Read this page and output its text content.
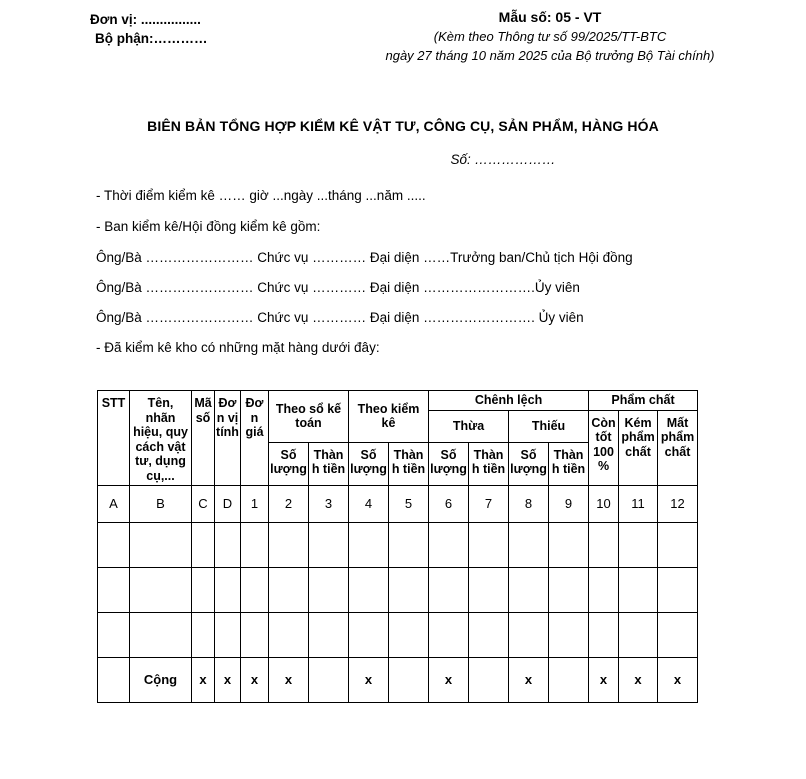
Đơn vị: ................
Bộ phận:…………
Mẫu số: 05 - VT
(Kèm theo Thông tư số 99/2025/TT-BTC
ngày 27 tháng 10 năm 2025 của Bộ trưởng Bộ Tài chính)
BIÊN BẢN TỔNG HỢP KIỂM KÊ VẬT TƯ, CÔNG CỤ, SẢN PHẨM, HÀNG HÓA
Số: ………………
- Thời điểm kiểm kê …… giờ ...ngày ...tháng ...năm .....
- Ban kiểm kê/Hội đồng kiểm kê gồm:
Ông/Bà …………………… Chức vụ ………… Đại diện ……Trưởng ban/Chủ tịch Hội đồng
Ông/Bà …………………… Chức vụ ………… Đại diện …………………….Ủy viên
Ông/Bà …………………… Chức vụ ………… Đại diện ……………………. Ủy viên
- Đã kiểm kê kho có những mặt hàng dưới đây:
STT	Tên, nhãn hiệu, quy cách vật tư, dụng cụ,...	Mã số	Đơn vị tính	Đơn giá	Theo sổ kế toán		Theo kiểm kê		Chênh lệch				Phẩm chất		
									Thừa		Thiếu		Còn tốt 100 %	Kém phẩm chất	Mất phẩm chất
					Số lượng	Thành tiền	Số lượng	Thành tiền	Số lượng	Thành tiền	Số lượng	Thành tiền			
A	B	C	D	1	2	3	4	5	6	7	8	9	10	11	12

	Cộng	x	x	x	x		x		x		x		x	x	x
